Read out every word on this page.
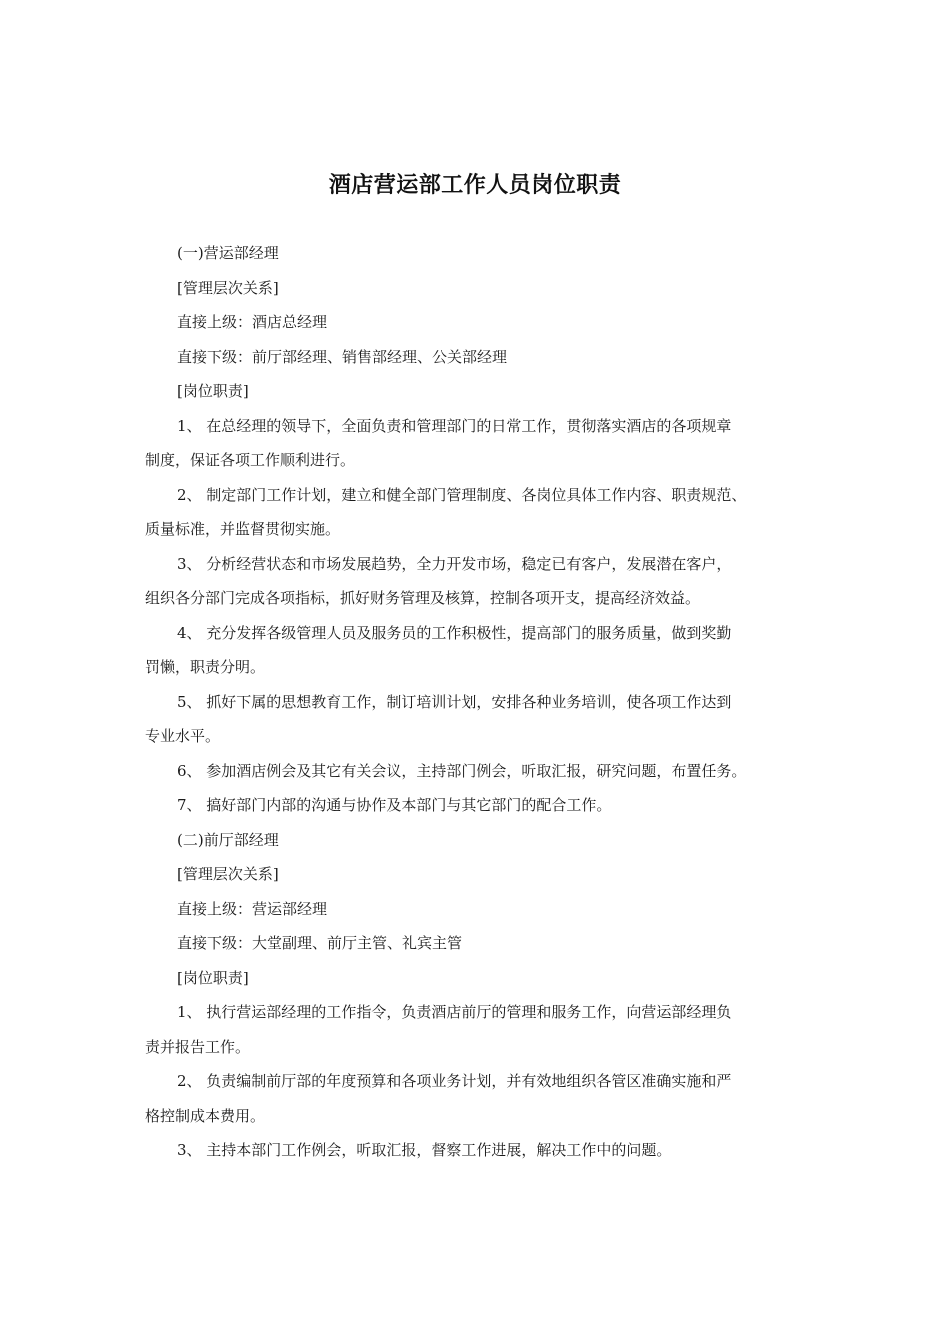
酒店营运部工作人员岗位职责
(一)营运部经理
[管理层次关系]
直接上级：酒店总经理
直接下级：前厅部经理、销售部经理、公关部经理
[岗位职责]
1、 在总经理的领导下，全面负责和管理部门的日常工作，贯彻落实酒店的各项规章
制度，保证各项工作顺利进行。
2、 制定部门工作计划，建立和健全部门管理制度、各岗位具体工作内容、职责规范、
质量标准，并监督贯彻实施。
3、 分析经营状态和市场发展趋势，全力开发市场，稳定已有客户，发展潜在客户，
组织各分部门完成各项指标，抓好财务管理及核算，控制各项开支，提高经济效益。
4、 充分发挥各级管理人员及服务员的工作积极性，提高部门的服务质量，做到奖勤
罚懒，职责分明。
5、 抓好下属的思想教育工作，制订培训计划，安排各种业务培训，使各项工作达到
专业水平。
6、 参加酒店例会及其它有关会议，主持部门例会，听取汇报，研究问题，布置任务。
7、 搞好部门内部的沟通与协作及本部门与其它部门的配合工作。
(二)前厅部经理
[管理层次关系]
直接上级：营运部经理
直接下级：大堂副理、前厅主管、礼宾主管
[岗位职责]
1、 执行营运部经理的工作指令，负责酒店前厅的管理和服务工作，向营运部经理负
责并报告工作。
2、 负责编制前厅部的年度预算和各项业务计划，并有效地组织各管区准确实施和严
格控制成本费用。
3、 主持本部门工作例会，听取汇报，督察工作进展，解决工作中的问题。
